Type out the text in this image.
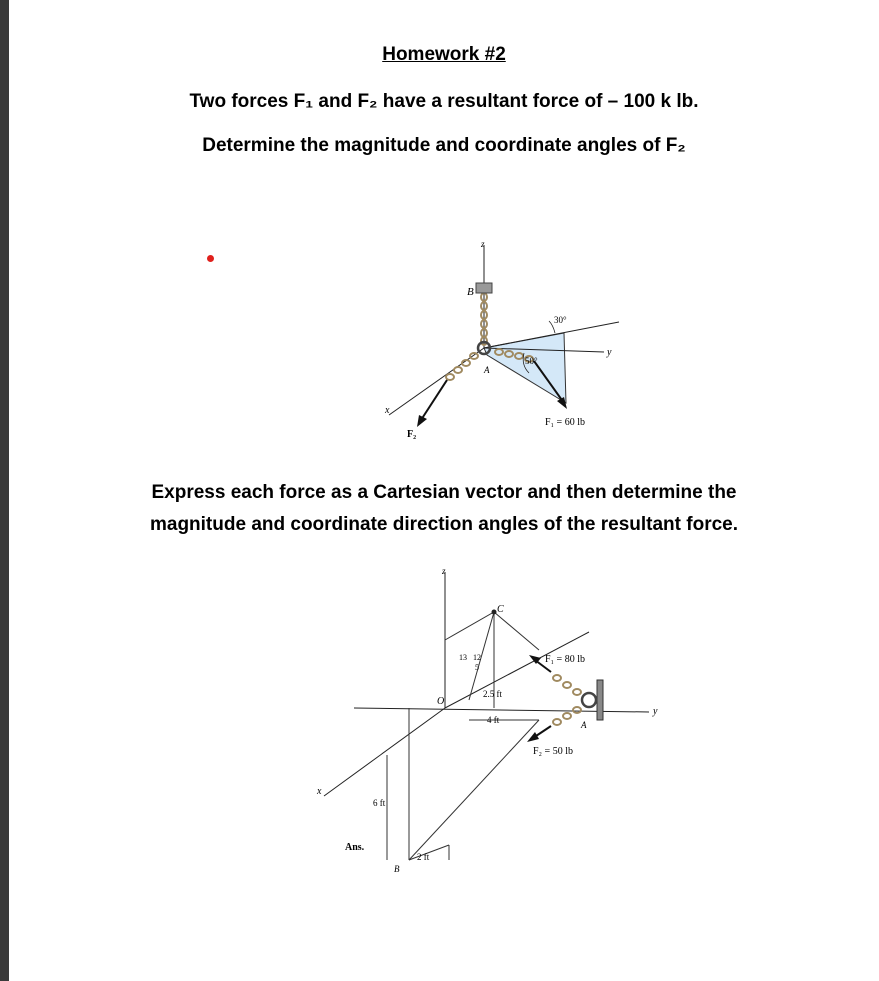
Homework #2
Two forces F₁ and F₂ have a resultant force of – 100 k lb.
Determine the magnitude and coordinate angles of F₂
z
y
x
B
A
30°
50°
F₁ = 60 lb
F₂
Express each force as a Cartesian vector and then determine the
magnitude and coordinate direction angles of the resultant force.
z
y
x
C
O
A
B
13 12
5
2.5 ft
4 ft
6 ft
2 ft
F₁ = 80 lb
F₂ = 50 lb
Ans.
